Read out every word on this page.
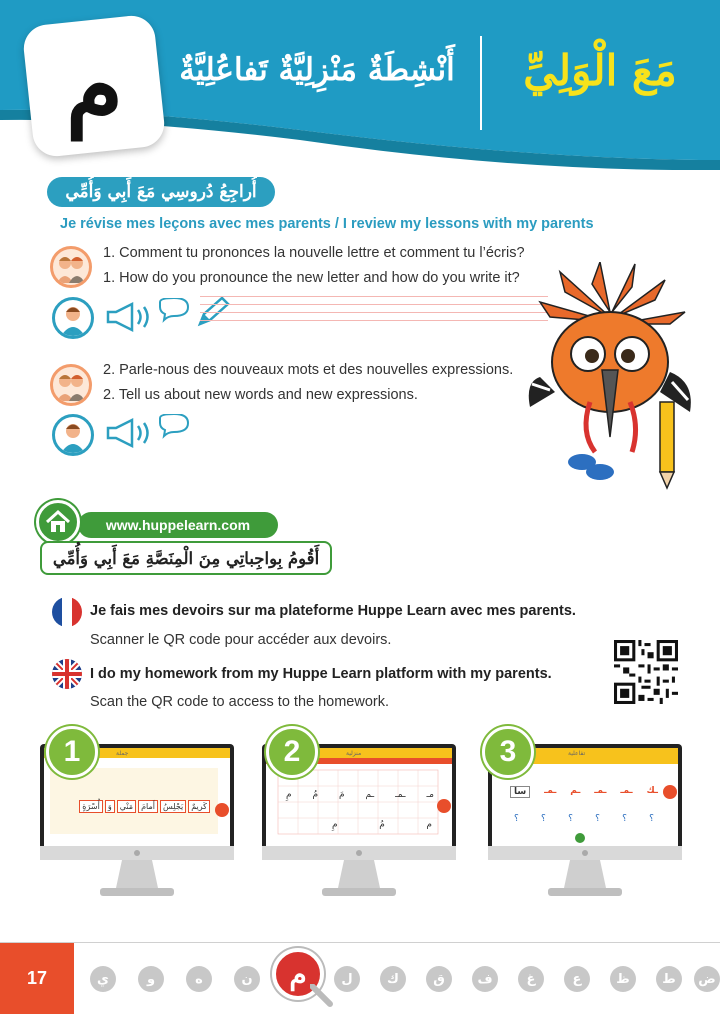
م أَنْشِطَةٌ مَنْزِلِيَّةٌ تَفاعُلِيَّةٌ	مَعَ الْوَلِيِّ
أُراجِعُ دُروسِي مَعَ أَبِي وَأُمِّي
Je révise mes leçons avec mes parents / I review my lessons with my parents
1. Comment tu prononces la nouvelle lettre et comment tu l’écris?
1. How do you pronounce the new letter and how do you write it?
2. Parle-nous des nouveaux mots et des nouvelles expressions.
2. Tell us about new words and new expressions.
www.huppelearn.com
أَقُومُ بِواجِباتِي مِنَ الْمِنَصَّةِ مَعَ أَبِي وَأُمِّي
Je fais mes devoirs sur ma plateforme Huppe Learn avec mes parents.
Scanner le QR code pour accéder aux devoirs.
I do my homework from my Huppe Learn platform with my parents.
Scan the QR code to access to the homework.
1	جملة
كَريمٌ
يَجْلِسُ
أَمامَ
مَنْي
وَ
أُسْرَةٍ
2	منزلية
مـ
ـمـ
ـم
مَ
مُ
مِ
م
مُ
مِ
3	تفاعلية
سا	ـمـ ـم ـمـ ـمـ ـك
؟ ؟ ؟ ؟ ؟ ؟
17	ي	و	ه	ن	م	ل	ك	ق	ف	غ	ع	ظ	ط	ض
